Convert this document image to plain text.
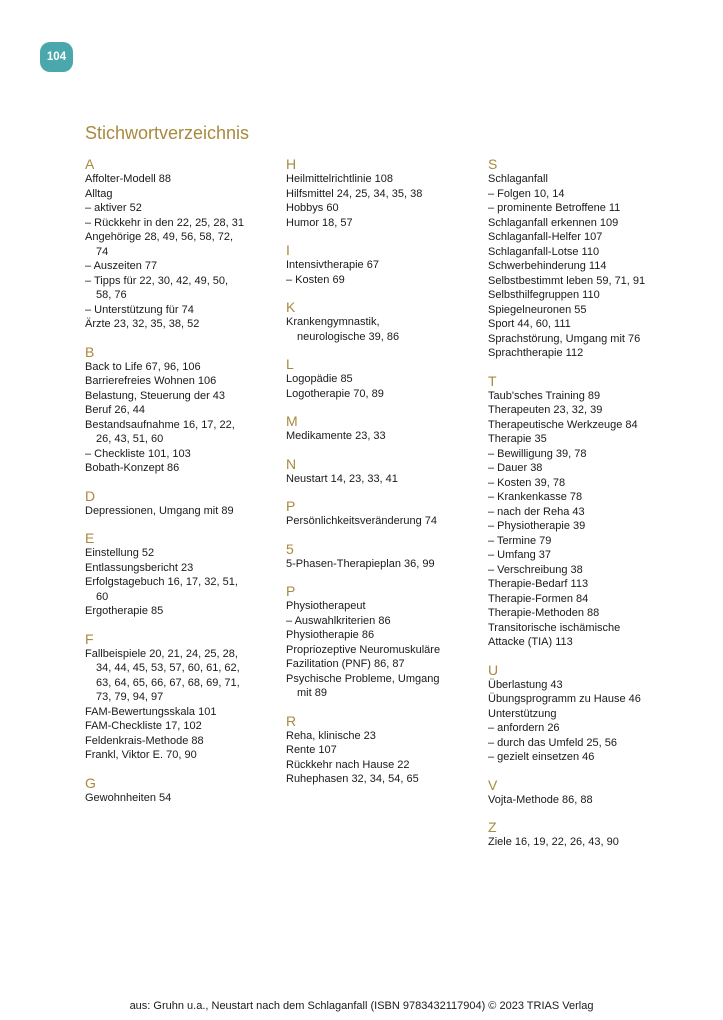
104
Stichwortverzeichnis
A
Affolter-Modell 88
Alltag
– aktiver 52
– Rückkehr in den 22, 25, 28, 31
Angehörige 28, 49, 56, 58, 72,
74
– Auszeiten 77
– Tipps für 22, 30, 42, 49, 50,
58, 76
– Unterstützung für 74
Ärzte 23, 32, 35, 38, 52
B
Back to Life 67, 96, 106
Barrierefreies Wohnen 106
Belastung, Steuerung der 43
Beruf 26, 44
Bestandsaufnahme 16, 17, 22,
26, 43, 51, 60
– Checkliste 101, 103
Bobath-Konzept 86
D
Depressionen, Umgang mit 89
E
Einstellung 52
Entlassungsbericht 23
Erfolgstagebuch 16, 17, 32, 51,
60
Ergotherapie 85
F
Fallbeispiele 20, 21, 24, 25, 28,
34, 44, 45, 53, 57, 60, 61, 62,
63, 64, 65, 66, 67, 68, 69, 71,
73, 79, 94, 97
FAM-Bewertungsskala 101
FAM-Checkliste 17, 102
Feldenkrais-Methode 88
Frankl, Viktor E. 70, 90
G
Gewohnheiten 54
H
Heilmittelrichtlinie 108
Hilfsmittel 24, 25, 34, 35, 38
Hobbys 60
Humor 18, 57
I
Intensivtherapie 67
– Kosten 69
K
Krankengymnastik,
neurologische 39, 86
L
Logopädie 85
Logotherapie 70, 89
M
Medikamente 23, 33
N
Neustart 14, 23, 33, 41
P
Persönlichkeitsveränderung 74
5
5-Phasen-Therapieplan 36, 99
P
Physiotherapeut
– Auswahlkriterien 86
Physiotherapie 86
Propriozeptive Neuromuskuläre
Fazilitation (PNF) 86, 87
Psychische Probleme, Umgang
mit 89
R
Reha, klinische 23
Rente 107
Rückkehr nach Hause 22
Ruhephasen 32, 34, 54, 65
S
Schlaganfall
– Folgen 10, 14
– prominente Betroffene 11
Schlaganfall erkennen 109
Schlaganfall-Helfer 107
Schlaganfall-Lotse 110
Schwerbehinderung 114
Selbstbestimmt leben 59, 71, 91
Selbsthilfegruppen 110
Spiegelneuronen 55
Sport 44, 60, 111
Sprachstörung, Umgang mit 76
Sprachtherapie 112
T
Taub'sches Training 89
Therapeuten 23, 32, 39
Therapeutische Werkzeuge 84
Therapie 35
– Bewilligung 39, 78
– Dauer 38
– Kosten 39, 78
– Krankenkasse 78
– nach der Reha 43
– Physiotherapie 39
– Termine 79
– Umfang 37
– Verschreibung 38
Therapie-Bedarf 113
Therapie-Formen 84
Therapie-Methoden 88
Transitorische ischämische
Attacke (TIA) 113
U
Überlastung 43
Übungsprogramm zu Hause 46
Unterstützung
– anfordern 26
– durch das Umfeld 25, 56
– gezielt einsetzen 46
V
Vojta-Methode 86, 88
Z
Ziele 16, 19, 22, 26, 43, 90
aus: Gruhn u.a., Neustart nach dem Schlaganfall (ISBN 9783432117904) © 2023 TRIAS Verlag
